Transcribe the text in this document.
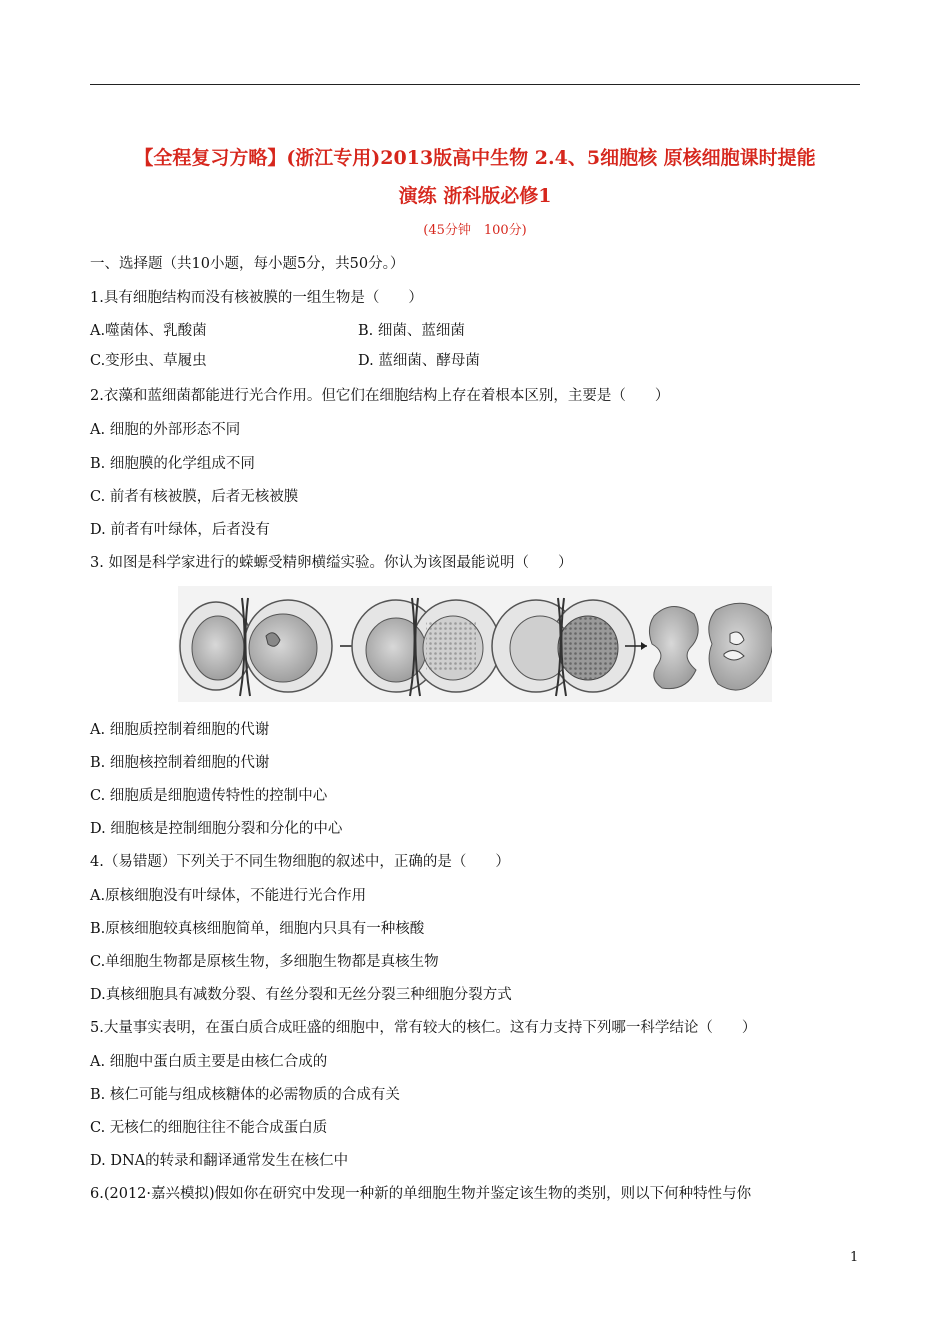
【全程复习方略】(浙江专用)2013版高中生物 2.4、5细胞核 原核细胞课时提能
演练 浙科版必修1
(45分钟　100分)
一、选择题（共10小题，每小题5分，共50分。）
1.具有细胞结构而没有核被膜的一组生物是（　　）
A.噬菌体、乳酸菌	B. 细菌、蓝细菌
C.变形虫、草履虫	D. 蓝细菌、酵母菌
2.衣藻和蓝细菌都能进行光合作用。但它们在细胞结构上存在着根本区别，主要是（　　）
A. 细胞的外部形态不同
B. 细胞膜的化学组成不同
C. 前者有核被膜，后者无核被膜
D. 前者有叶绿体，后者没有
3. 如图是科学家进行的蝾螈受精卵横缢实验。你认为该图最能说明（　　）
A. 细胞质控制着细胞的代谢
B. 细胞核控制着细胞的代谢
C. 细胞质是细胞遗传特性的控制中心
D. 细胞核是控制细胞分裂和分化的中心
4.（易错题）下列关于不同生物细胞的叙述中，正确的是（　　）
A.原核细胞没有叶绿体，不能进行光合作用
B.原核细胞较真核细胞简单，细胞内只具有一种核酸
C.单细胞生物都是原核生物，多细胞生物都是真核生物
D.真核细胞具有减数分裂、有丝分裂和无丝分裂三种细胞分裂方式
5.大量事实表明，在蛋白质合成旺盛的细胞中，常有较大的核仁。这有力支持下列哪一科学结论（　　）
A. 细胞中蛋白质主要是由核仁合成的
B. 核仁可能与组成核糖体的必需物质的合成有关
C. 无核仁的细胞往往不能合成蛋白质
D. DNA的转录和翻译通常发生在核仁中
6.(2012·嘉兴模拟)假如你在研究中发现一种新的单细胞生物并鉴定该生物的类别，则以下何种特性与你
1
